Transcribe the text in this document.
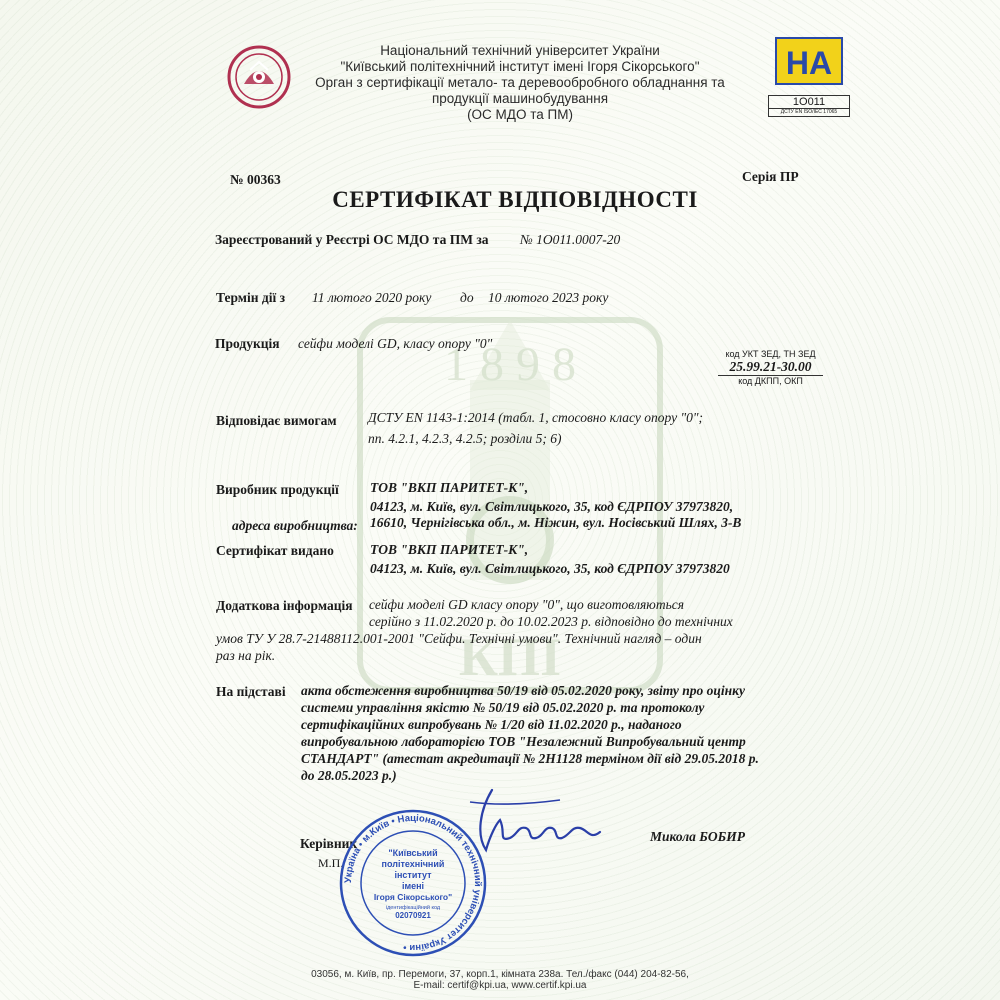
1 8 9 8
КПІ
Національний технічний університет України
"Київський політехнічний інститут імені Ігоря Сікорського"
Орган з сертифікації метало- та деревообробного обладнання та
продукції машинобудування
(ОС МДО та ПМ)
НА
1О011
ДСТУ EN ISO/IEC 17065
№ 00363	Серія ПР
СЕРТИФІКАТ ВІДПОВІДНОСТІ
Зареєстрований у Реєстрі ОС МДО та ПМ за № 1О011.0007-20
Термін дії з 11 лютого 2020 року до 10 лютого 2023 року
Продукція сейфи моделі GD, класу опору "0"
код УКТ ЗЕД, ТН ЗЕД
25.99.21-30.00
код ДКПП, ОКП
Відповідає вимогам ДСТУ EN 1143-1:2014 (табл. 1, стосовно класу опору "0";
пп. 4.2.1, 4.2.3, 4.2.5; розділи 5; 6)
Виробник продукції ТОВ "ВКП ПАРИТЕТ-К",
04123, м. Київ, вул. Світлицького, 35, код ЄДРПОУ 37973820,
адреса виробництва: 16610, Чернігівська обл., м. Ніжин, вул. Носівський Шлях, 3-В
Сертифікат видано	ТОВ "ВКП ПАРИТЕТ-К",
04123, м. Київ, вул. Світлицького, 35, код ЄДРПОУ 37973820
Додаткова інформація	сейфи моделі GD класу опору "0", що виготовляються
серійно з 11.02.2020 р. до 10.02.2023 р. відповідно до технічних
умов ТУ У 28.7-21488112.001-2001 "Сейфи. Технічні умови". Технічний нагляд – один
раз на рік.
На підставі акта обстеження виробництва 50/19 від 05.02.2020 року, звіту про оцінку
системи управління якістю № 50/19 від 05.02.2020 р. та протоколу
сертифікаційних випробувань № 1/20 від 11.02.2020 р., наданого
випробувальною лабораторією ТОВ "Незалежний Випробувальний центр
СТАНДАРТ" (атестат акредитації № 2Н1128 терміном дії від 29.05.2018 р.
до 28.05.2023 р.)
Керівник
М.П.
Микола БОБИР
Україна • м.Київ • Національний технічний університет України •
"Київський
політехнічний
інститут
імені
Ігоря Сікорського"
ідентифікаційний код
02070921
03056, м. Київ, пр. Перемоги, 37, корп.1, кімната 238а. Тел./факс (044) 204-82-56,
E-mail: certif@kpi.ua, www.certif.kpi.ua
